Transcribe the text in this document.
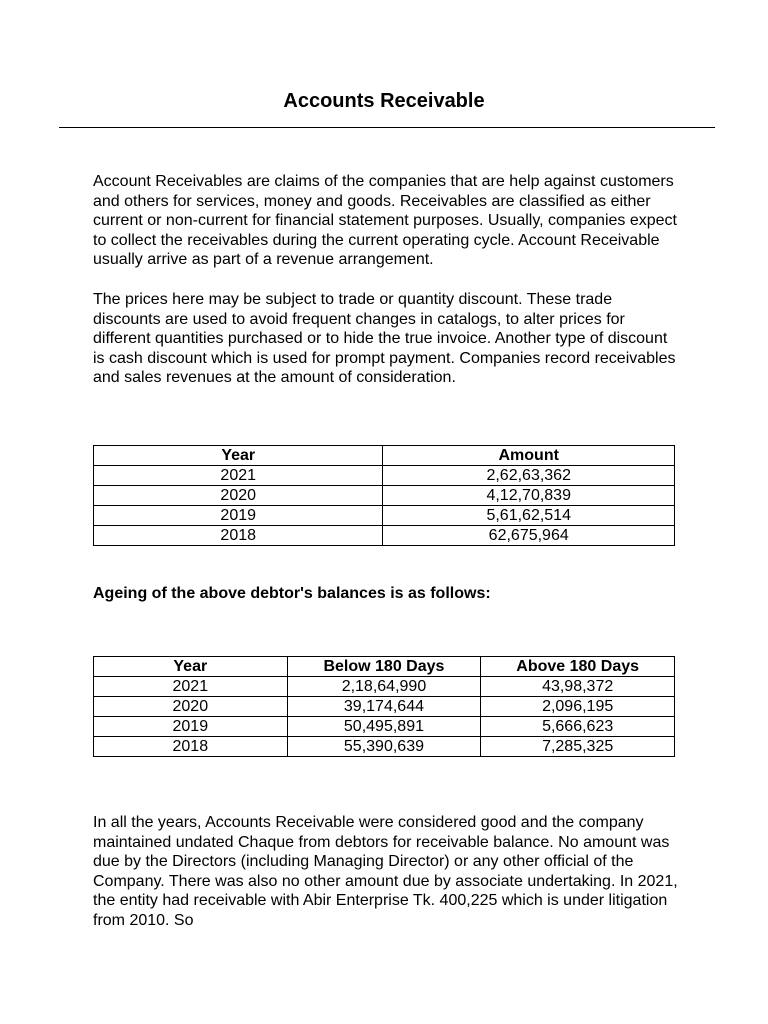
Accounts Receivable

Account Receivables are claims of the companies that are help against customers and others for services, money and goods. Receivables are classified as either current or non-current for financial statement purposes. Usually, companies expect to collect the receivables during the current operating cycle. Account Receivable usually arrive as part of a revenue arrangement.

The prices here may be subject to trade or quantity discount. These trade discounts are used to avoid frequent changes in catalogs, to alter prices for different quantities purchased or to hide the true invoice. Another type of discount is cash discount which is used for prompt payment. Companies record receivables and sales revenues at the amount of consideration.

Year	Amount
2021	2,62,63,362
2020	4,12,70,839
2019	5,61,62,514
2018	62,675,964
Ageing of the above debtor's balances is as follows:
Year	Below 180 Days	Above 180 Days
2021	2,18,64,990	43,98,372
2020	39,174,644	2,096,195
2019	50,495,891	5,666,623
2018	55,390,639	7,285,325

In all the years, Accounts Receivable were considered good and the company maintained undated Chaque from debtors for receivable balance. No amount was due by the Directors (including Managing Director) or any other official of the Company. There was also no other amount due by associate undertaking. In 2021, the entity had receivable with Abir Enterprise Tk. 400,225 which is under litigation from 2010. So
